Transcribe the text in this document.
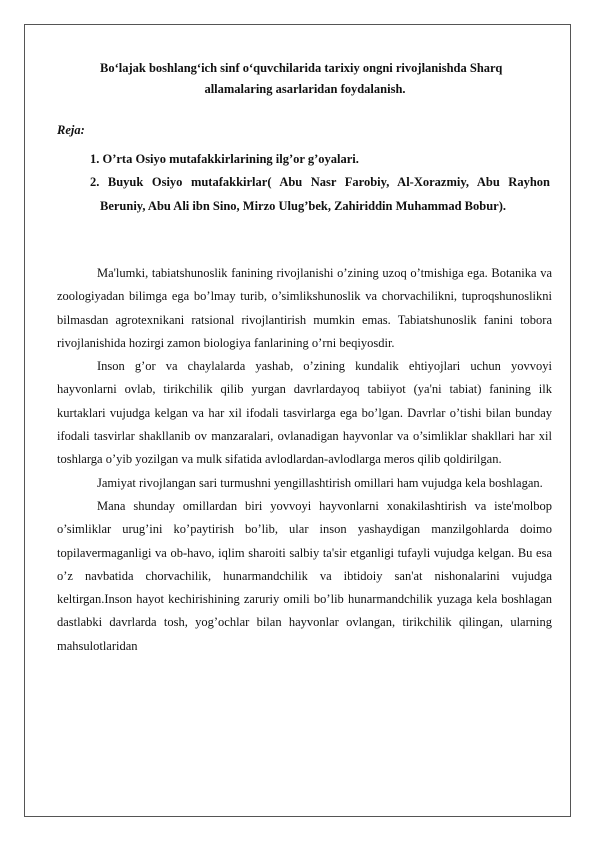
Bo‘lajak boshlang‘ich sinf o‘quvchilarida tarixiy ongni rivojlanishda Sharq
allamalaring asarlaridan foydalanish.
Reja:
1. O’rta Osiyo mutafakkirlarining ilg’or g’oyalari.
2. Buyuk Osiyo mutafakkirlar( Abu Nasr Farobiy, Al-Xorazmiy, Abu Rayhon Beruniy, Abu Ali ibn Sino, Mirzo Ulug’bek, Zahiriddin Muhammad Bobur).

Ma'lumki, tabiatshunoslik fanining rivojlanishi o’zining uzoq o’tmishiga ega. Botanika va zoologiyadan bilimga ega bo’lmay turib, o’simlikshunoslik va chorvachilikni, tuproqshunoslikni bilmasdan agrotexnikani ratsional rivojlantirish mumkin emas. Tabiatshunoslik fanini tobora rivojlanishida hozirgi zamon biologiya fanlarining o’rni beqiyosdir.

Inson g’or va chaylalarda yashab, o’zining kundalik ehtiyojlari uchun yovvoyi hayvonlarni ovlab, tirikchilik qilib yurgan davrlardayoq tabiiyot (ya'ni tabiat) fanining ilk kurtaklari vujudga kelgan va har xil ifodali tasvirlarga ega bo’lgan. Davrlar o’tishi bilan bunday ifodali tasvirlar shakllanib ov manzaralari, ovlanadigan hayvonlar va o’simliklar shakllari har xil toshlarga o’yib yozilgan va mulk sifatida avlodlardan-avlodlarga meros qilib qoldirilgan.

Jamiyat rivojlangan sari turmushni yengillashtirish omillari ham vujudga kela boshlagan.

Mana shunday omillardan biri yovvoyi hayvonlarni xonakilashtirish va iste'molbop o’simliklar urug’ini ko’paytirish bo’lib, ular inson yashaydigan manzilgohlarda doimo topilavermaganligi va ob-havo, iqlim sharoiti salbiy ta'sir etganligi tufayli vujudga kelgan. Bu esa o’z navbatida chorvachilik, hunarmandchilik va ibtidoiy san'at nishonalarini vujudga keltirgan.Inson hayot kechirishining zaruriy omili bo’lib hunarmandchilik yuzaga kela boshlagan dastlabki davrlarda tosh, yog’ochlar bilan hayvonlar ovlangan, tirikchilik qilingan, ularning mahsulotlaridan
